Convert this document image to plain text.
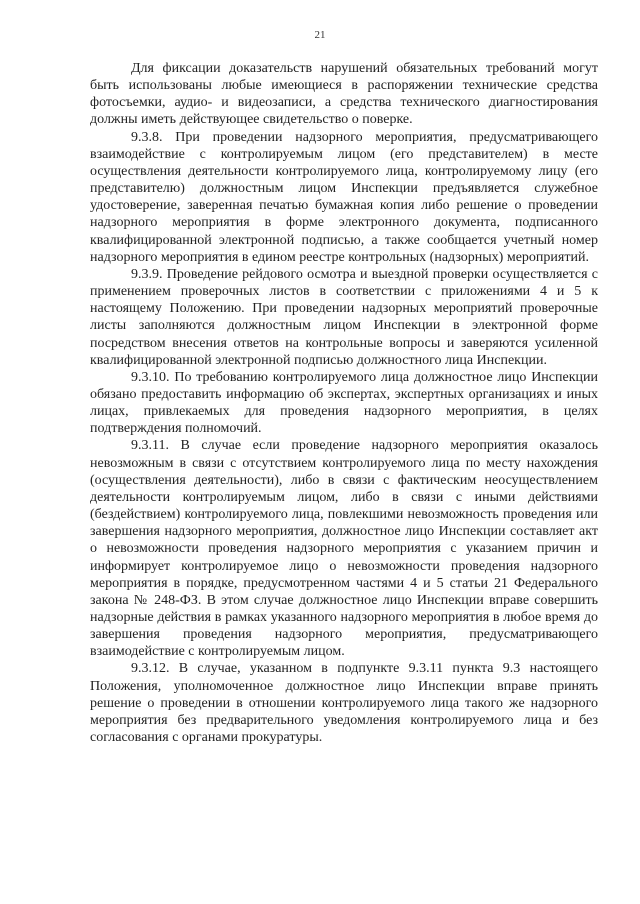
21

Для фиксации доказательств нарушений обязательных требований могут быть использованы любые имеющиеся в распоряжении технические средства фотосъемки, аудио- и видеозаписи, а средства технического диагностирования должны иметь действующее свидетельство о поверке.

9.3.8. При проведении надзорного мероприятия, предусматривающего взаимодействие с контролируемым лицом (его представителем) в месте осуществления деятельности контролируемого лица, контролируемому лицу (его представителю) должностным лицом Инспекции предъявляется служебное удостоверение, заверенная печатью бумажная копия либо решение о проведении надзорного мероприятия в форме электронного документа, подписанного квалифицированной электронной подписью, а также сообщается учетный номер надзорного мероприятия в едином реестре контрольных (надзорных) мероприятий.

9.3.9. Проведение рейдового осмотра и выездной проверки осуществляется с применением проверочных листов в соответствии с приложениями 4 и 5 к настоящему Положению. При проведении надзорных мероприятий проверочные листы заполняются должностным лицом Инспекции в электронной форме посредством внесения ответов на контрольные вопросы и заверяются усиленной квалифицированной электронной подписью должностного лица Инспекции.

9.3.10. По требованию контролируемого лица должностное лицо Инспекции обязано предоставить информацию об экспертах, экспертных организациях и иных лицах, привлекаемых для проведения надзорного мероприятия, в целях подтверждения полномочий.

9.3.11. В случае если проведение надзорного мероприятия оказалось невозможным в связи с отсутствием контролируемого лица по месту нахождения (осуществления деятельности), либо в связи с фактическим неосуществлением деятельности контролируемым лицом, либо в связи с иными действиями (бездействием) контролируемого лица, повлекшими невозможность проведения или завершения надзорного мероприятия, должностное лицо Инспекции составляет акт о невозможности проведения надзорного мероприятия с указанием причин и информирует контролируемое лицо о невозможности проведения надзорного мероприятия в порядке, предусмотренном частями 4 и 5 статьи 21 Федерального закона № 248-ФЗ. В этом случае должностное лицо Инспекции вправе совершить надзорные действия в рамках указанного надзорного мероприятия в любое время до завершения проведения надзорного мероприятия, предусматривающего взаимодействие с контролируемым лицом.

9.3.12. В случае, указанном в подпункте 9.3.11 пункта 9.3 настоящего Положения, уполномоченное должностное лицо Инспекции вправе принять решение о проведении в отношении контролируемого лица такого же надзорного мероприятия без предварительного уведомления контролируемого лица и без согласования с органами прокуратуры.
